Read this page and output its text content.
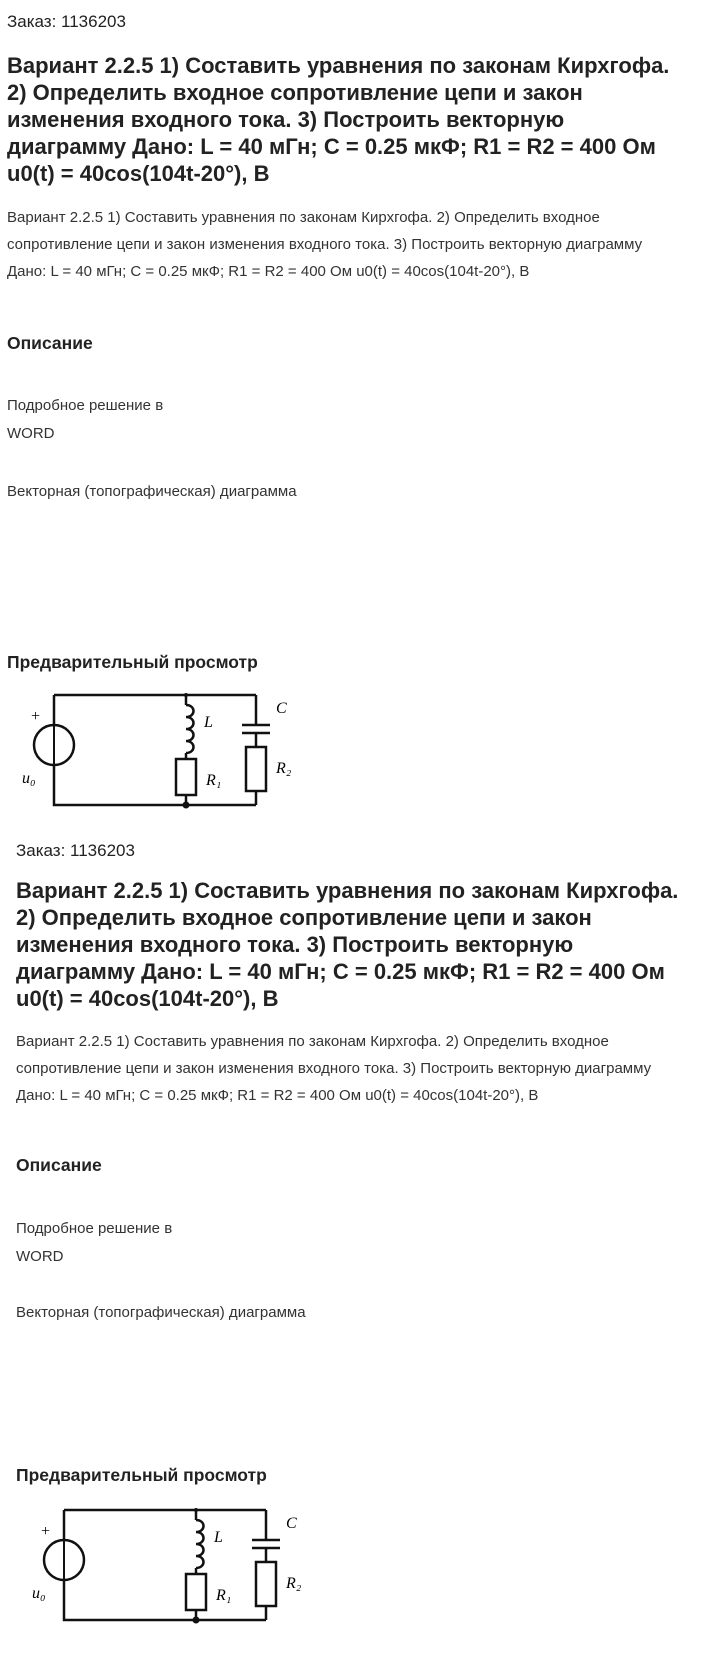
Заказ: 1136203
Вариант 2.2.5 1) Составить уравнения по законам Кирхгофа. 2) Определить входное сопротивление цепи и закон изменения входного тока. 3) Построить векторную диаграмму Дано: L = 40 мГн; C = 0.25 мкФ; R1 = R2 = 400 Ом u0(t) = 40cos(104t-20°), В
Вариант 2.2.5 1) Составить уравнения по законам Кирхгофа. 2) Определить входное сопротивление цепи и закон изменения входного тока. 3) Построить векторную диаграмму Дано: L = 40 мГн; C = 0.25 мкФ; R1 = R2 = 400 Ом u0(t) = 40cos(104t-20°), В
Описание
Подробное решение в
WORD
Векторная (топографическая) диаграмма
Предварительный просмотр
+
u₀
L
C
R₁
R₂
Заказ: 1136203
Вариант 2.2.5 1) Составить уравнения по законам Кирхгофа. 2) Определить входное сопротивление цепи и закон изменения входного тока. 3) Построить векторную диаграмму Дано: L = 40 мГн; C = 0.25 мкФ; R1 = R2 = 400 Ом u0(t) = 40cos(104t-20°), В
Вариант 2.2.5 1) Составить уравнения по законам Кирхгофа. 2) Определить входное сопротивление цепи и закон изменения входного тока. 3) Построить векторную диаграмму Дано: L = 40 мГн; C = 0.25 мкФ; R1 = R2 = 400 Ом u0(t) = 40cos(104t-20°), В
Описание
Подробное решение в
WORD
Векторная (топографическая) диаграмма
Предварительный просмотр
+
u₀
L
C
R₁
R₂
